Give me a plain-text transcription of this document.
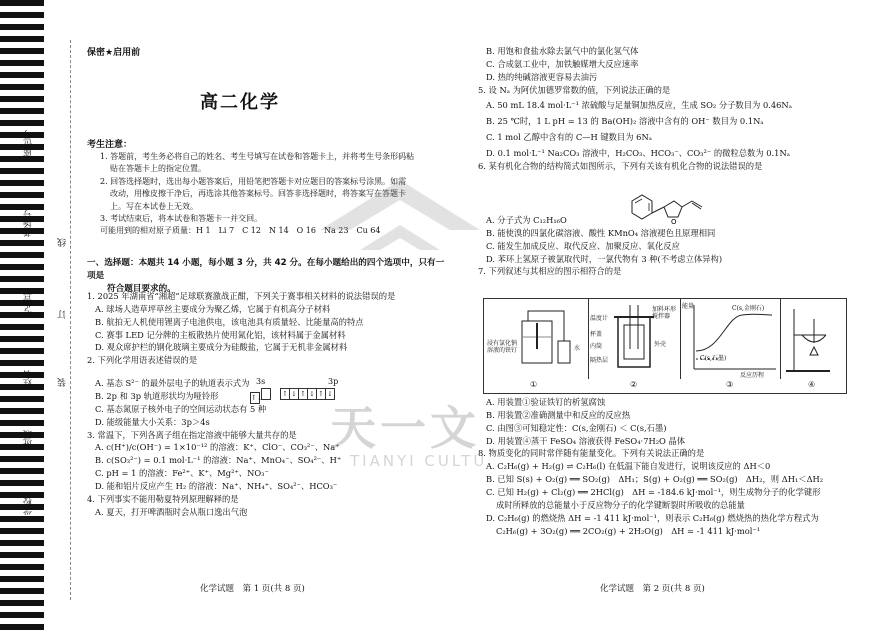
座位号
考场号
考生号
姓名
班级
学校
线
订
装
保密★启用前
高二化学
考生注意：

1. 答题前，考生务必将自己的姓名、考生号填写在试卷和答题卡上，并将考生号条形码粘

贴在答题卡上的指定位置。

2. 回答选择题时，选出每小题答案后，用铅笔把答题卡对应题目的答案标号涂黑。如需

改动，用橡皮擦干净后，再选涂其他答案标号。回答非选择题时，将答案写在答题卡

上。写在本试卷上无效。

3. 考试结束后，将本试卷和答题卡一并交回。

可能用到的相对原子质量：H 1　Li 7　C 12　N 14　O 16　Na 23　Cu 64

一、选择题：本题共 14 小题，每小题 3 分，共 42 分。在每小题给出的四个选项中，只有一项是
符合题目要求的。

1. 2025 年湖南省“湘超”足球联赛激战正酣，下列关于赛事相关材料的说法错误的是

A. 球场人造草坪草丝主要成分为聚乙烯，它属于有机高分子材料

B. 航拍无人机使用锂离子电池供电，该电池具有质量轻、比能量高的特点

C. 赛事 LED 记分牌的主板散热片使用氮化铝，该材料属于金属材料

D. 观众席护栏的钢化玻璃主要成分为硅酸盐，它属于无机非金属材料

2. 下列化学用语表述错误的是

A. 基态 S²⁻ 的最外层电子的轨道表示式为

B. 2p 和 3p 轨道形状均为哑铃形

C. 基态氮原子核外电子的空间运动状态有 5 种

D. 能级能量大小关系：3p＞4s

3. 常温下，下列各离子组在指定溶液中能够大量共存的是

A. c(H⁺)/c(OH⁻) = 1×10⁻¹² 的溶液：K⁺、ClO⁻、CO₃²⁻、Na⁺

B. c(SO₃²⁻) = 0.1 mol·L⁻¹ 的溶液：Na⁺、MnO₄⁻、SO₄²⁻、H⁺

C. pH = 1 的溶液：Fe²⁺、K⁺、Mg²⁺、NO₃⁻

D. 能和铝片反应产生 H₂ 的溶液：Na⁺、NH₄⁺、SO₄²⁻、HCO₃⁻

4. 下列事实不能用勒夏特列原理解释的是

A. 夏天，打开啤酒瓶时会从瓶口逸出气泡

3s	3p
↑↓	↑ ↓ ↑ ↓ ↑ ↓

B. 用饱和食盐水除去氯气中的氯化氢气体

C. 合成氨工业中，加铁触媒增大反应速率

D. 热的纯碱溶液更容易去油污

5. 设 Nₐ 为阿伏加德罗常数的值，下列说法正确的是

A. 50 mL 18.4 mol·L⁻¹ 浓硫酸与足量铜加热反应，生成 SO₂ 分子数目为 0.46Nₐ

B. 25 ℃时，1 L pH = 13 的 Ba(OH)₂ 溶液中含有的 OH⁻ 数目为 0.1Nₐ

C. 1 mol 乙醇中含有的 C—H 键数目为 6Nₐ

D. 0.1 mol·L⁻¹ Na₂CO₃ 溶液中，H₂CO₃、HCO₃⁻、CO₃²⁻ 的微粒总数为 0.1Nₐ

6. 某有机化合物的结构简式如图所示，下列有关该有机化合物的说法错误的是

O

A. 分子式为 C₁₂H₁₆O

B. 能使溴的四氯化碳溶液、酸性 KMnO₄ 溶液褪色且原理相同

C. 能发生加成反应、取代反应、加聚反应、氧化反应

D. 苯环上氢原子被氯取代时，一氯代物有 3 种(不考虑立体异构)

7. 下列叙述与其相应的图示相符合的是

浸有氯化钠溶液的铁钉	水
温度计
内筒
杯盖
隔热层
加料环形搅拌器
外壳
能量	C(s,金刚石)
C(s,石墨)
反应历程
①	②	③	④

A. 用装置①验证铁钉的析氢腐蚀

B. 用装置②准确测量中和反应的反应热

C. 由图③可知稳定性：C(s,金刚石) ＜ C(s,石墨)

D. 用装置④蒸干 FeSO₄ 溶液获得 FeSO₄·7H₂O 晶体

8. 物质变化的同时常伴随有能量变化。下列有关说法正确的是

A. C₂H₆(g) + H₂(g) ⇌ C₂H₆(l) 在低温下能自发进行，说明该反应的 ΔH＜0

B. 已知 S(s) + O₂(g) ══ SO₂(g)　ΔH₁；S(g) + O₂(g) ══ SO₂(g)　ΔH₂，则 ΔH₁＜ΔH₂

C. 已知 H₂(g) + Cl₂(g) ══ 2HCl(g)　ΔH = -184.6 kJ·mol⁻¹，则生成物分子的化学键形

成时所释放的总能量小于反应物分子的化学键断裂时所吸收的总能量

D. C₂H₆(g) 的燃烧热 ΔH = -1 411 kJ·mol⁻¹，则表示 C₂H₆(g) 燃烧热的热化学方程式为

C₂H₆(g) + 3O₂(g) ══ 2CO₂(g) + 2H₂O(g)　ΔH = -1 411 kJ·mol⁻¹

天一文
TIANYI CULTU
化学试题　第 1 页(共 8 页)	化学试题　第 2 页(共 8 页)
